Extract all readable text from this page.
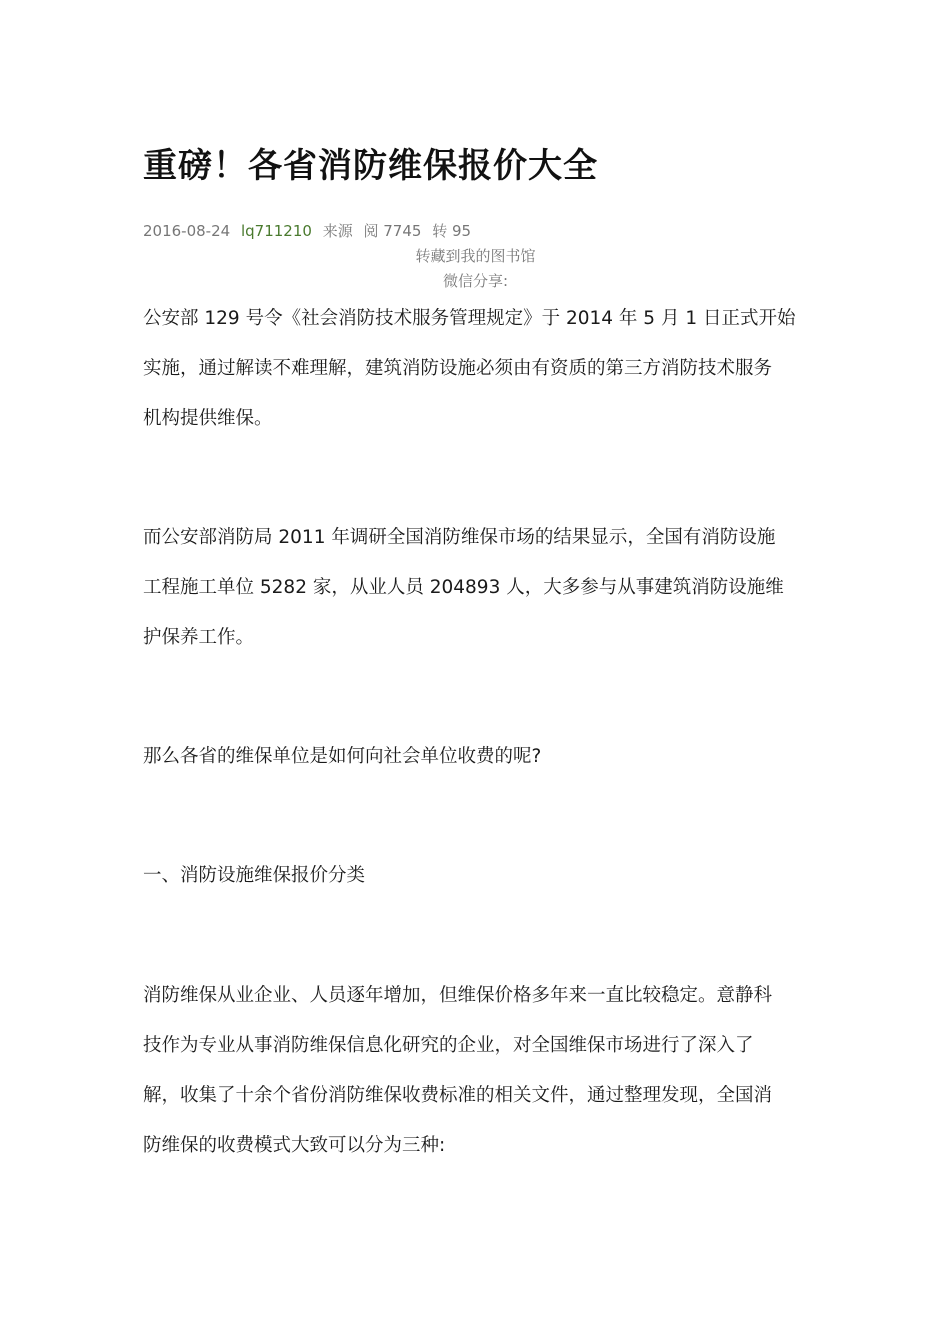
重磅！各省消防维保报价大全
2016-08-24 lq711210 来源 阅 7745 转 95
转藏到我的图书馆
微信分享:

公安部 129 号令《社会消防技术服务管理规定》于 2014 年 5 月 1 日正式开始
实施，通过解读不难理解，建筑消防设施必须由有资质的第三方消防技术服务
机构提供维保。

而公安部消防局 2011 年调研全国消防维保市场的结果显示，全国有消防设施
工程施工单位 5282 家，从业人员 204893 人，大多参与从事建筑消防设施维
护保养工作。

那么各省的维保单位是如何向社会单位收费的呢?

一、消防设施维保报价分类

消防维保从业企业、人员逐年增加，但维保价格多年来一直比较稳定。意静科
技作为专业从事消防维保信息化研究的企业，对全国维保市场进行了深入了
解，收集了十余个省份消防维保收费标准的相关文件，通过整理发现，全国消
防维保的收费模式大致可以分为三种:
